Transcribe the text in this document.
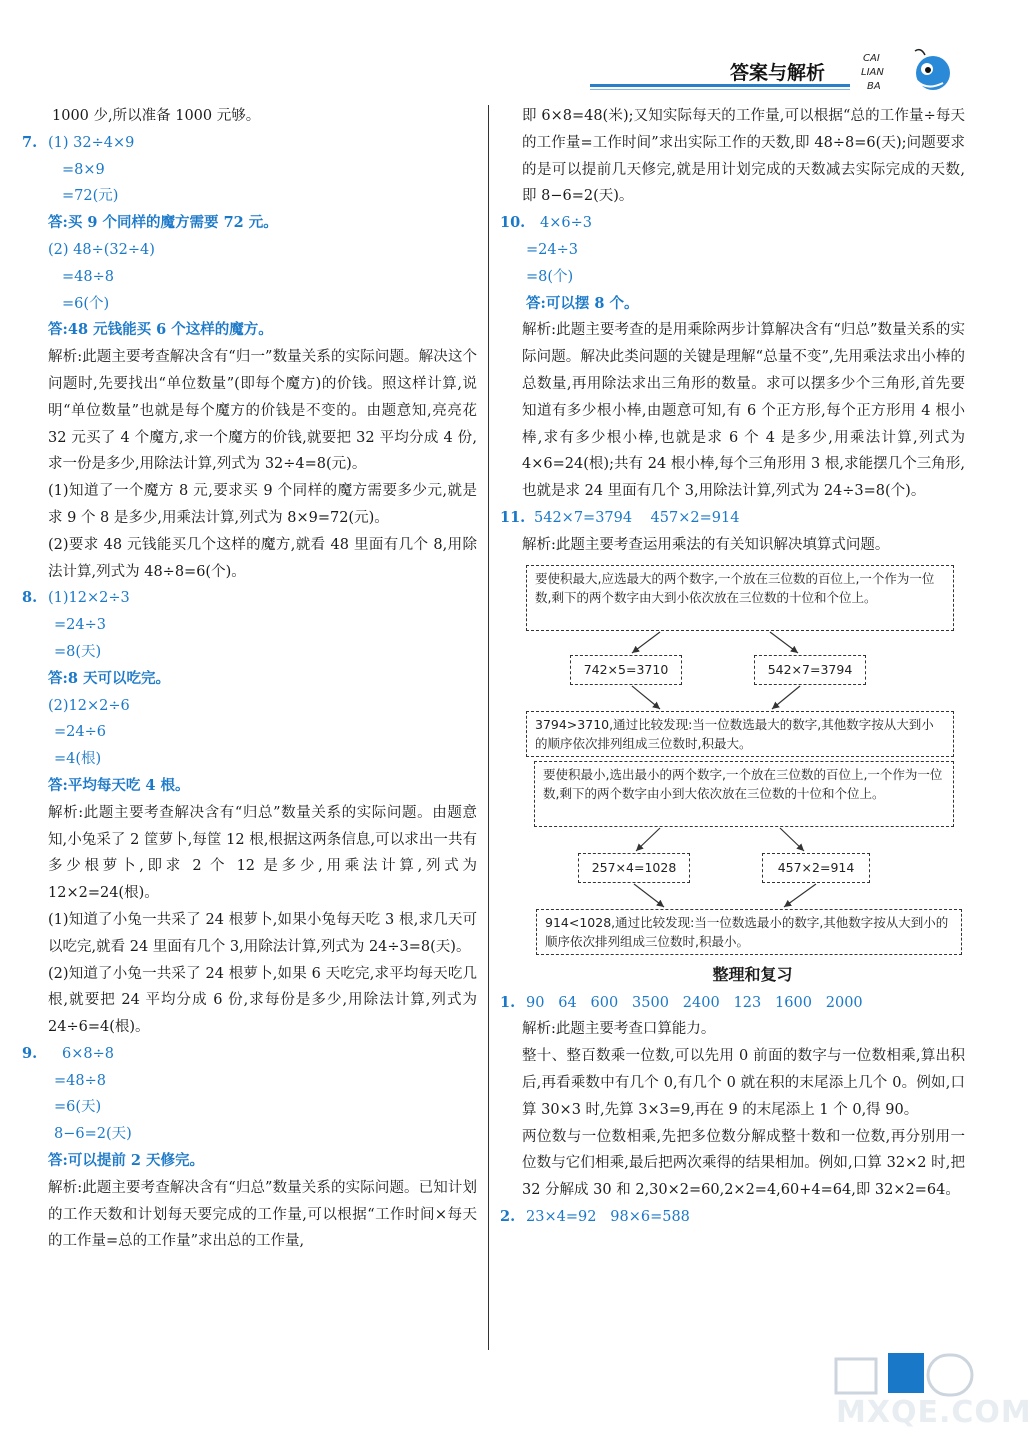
答案与解析
CAI
LIAN
BA
1000 少,所以准备 1000 元够。
7. (1) 32÷4×9
=8×9
=72(元)
答:买 9 个同样的魔方需要 72 元。
(2) 48÷(32÷4)
=48÷8
=6(个)
答:48 元钱能买 6 个这样的魔方。
解析:此题主要考查解决含有“归一”数量关系的实际问题。解决这个问题时,先要找出“单位数量”(即每个魔方)的价钱。照这样计算,说明“单位数量”也就是每个魔方的价钱是不变的。由题意知,亮亮花 32 元买了 4 个魔方,求一个魔方的价钱,就要把 32 平均分成 4 份,求一份是多少,用除法计算,列式为 32÷4=8(元)。
(1)知道了一个魔方 8 元,要求买 9 个同样的魔方需要多少元,就是求 9 个 8 是多少,用乘法计算,列式为 8×9=72(元)。
(2)要求 48 元钱能买几个这样的魔方,就看 48 里面有几个 8,用除法计算,列式为 48÷8=6(个)。
8. (1)12×2÷3
=24÷3
=8(天)
答:8 天可以吃完。
(2)12×2÷6
=24÷6
=4(根)
答:平均每天吃 4 根。
解析:此题主要考查解决含有“归总”数量关系的实际问题。由题意知,小兔采了 2 筐萝卜,每筐 12 根,根据这两条信息,可以求出一共有多少根萝卜,即求 2 个 12 是多少,用乘法计算,列式为 12×2=24(根)。
(1)知道了小兔一共采了 24 根萝卜,如果小兔每天吃 3 根,求几天可以吃完,就看 24 里面有几个 3,用除法计算,列式为 24÷3=8(天)。
(2)知道了小兔一共采了 24 根萝卜,如果 6 天吃完,求平均每天吃几根,就要把 24 平均分成 6 份,求每份是多少,用除法计算,列式为 24÷6=4(根)。
9. 6×8÷8
=48÷8
=6(天)
8−6=2(天)
答:可以提前 2 天修完。
解析:此题主要考查解决含有“归总”数量关系的实际问题。已知计划的工作天数和计划每天要完成的工作量,可以根据“工作时间×每天的工作量=总的工作量”求出总的工作量,
即 6×8=48(米);又知实际每天的工作量,可以根据“总的工作量÷每天的工作量=工作时间”求出实际工作的天数,即 48÷8=6(天);问题要求的是可以提前几天修完,就是用计划完成的天数减去实际完成的天数,即 8−6=2(天)。
10. 4×6÷3
=24÷3
=8(个)
答:可以摆 8 个。
解析:此题主要考查的是用乘除两步计算解决含有“归总”数量关系的实际问题。解决此类问题的关键是理解“总量不变”,先用乘法求出小棒的总数量,再用除法求出三角形的数量。求可以摆多少个三角形,首先要知道有多少根小棒,由题意可知,有 6 个正方形,每个正方形用 4 根小棒,求有多少根小棒,也就是求 6 个 4 是多少,用乘法计算,列式为 4×6=24(根);共有 24 根小棒,每个三角形用 3 根,求能摆几个三角形,也就是求 24 里面有几个 3,用除法计算,列式为 24÷3=8(个)。
11. 542×7=3794    457×2=914
解析:此题主要考查运用乘法的有关知识解决填算式问题。
要使积最大,应选最大的两个数字,一个放在三位数的百位上,一个作为一位数,剩下的两个数字由大到小依次放在三位数的十位和个位上。
742×5=3710	542×7=3794
3794>3710,通过比较发现:当一位数选最大的数字,其他数字按从大到小的顺序依次排列组成三位数时,积最大。
要使积最小,选出最小的两个数字,一个放在三位数的百位上,一个作为一位数,剩下的两个数字由小到大依次放在三位数的十位和个位上。
257×4=1028	457×2=914
914<1028,通过比较发现:当一位数选最小的数字,其他数字按从大到小的顺序依次排列组成三位数时,积最小。
整理和复习
1. 90   64   600   3500   2400   123   1600   2000
解析:此题主要考查口算能力。
整十、整百数乘一位数,可以先用 0 前面的数字与一位数相乘,算出积后,再看乘数中有几个 0,有几个 0 就在积的末尾添上几个 0。例如,口算 30×3 时,先算 3×3=9,再在 9 的末尾添上 1 个 0,得 90。
两位数与一位数相乘,先把多位数分解成整十数和一位数,再分别用一位数与它们相乘,最后把两次乘得的结果相加。例如,口算 32×2 时,把 32 分解成 30 和 2,30×2=60,2×2=4,60+4=64,即 32×2=64。
2. 23×4=92   98×6=588
MXQE.COM
